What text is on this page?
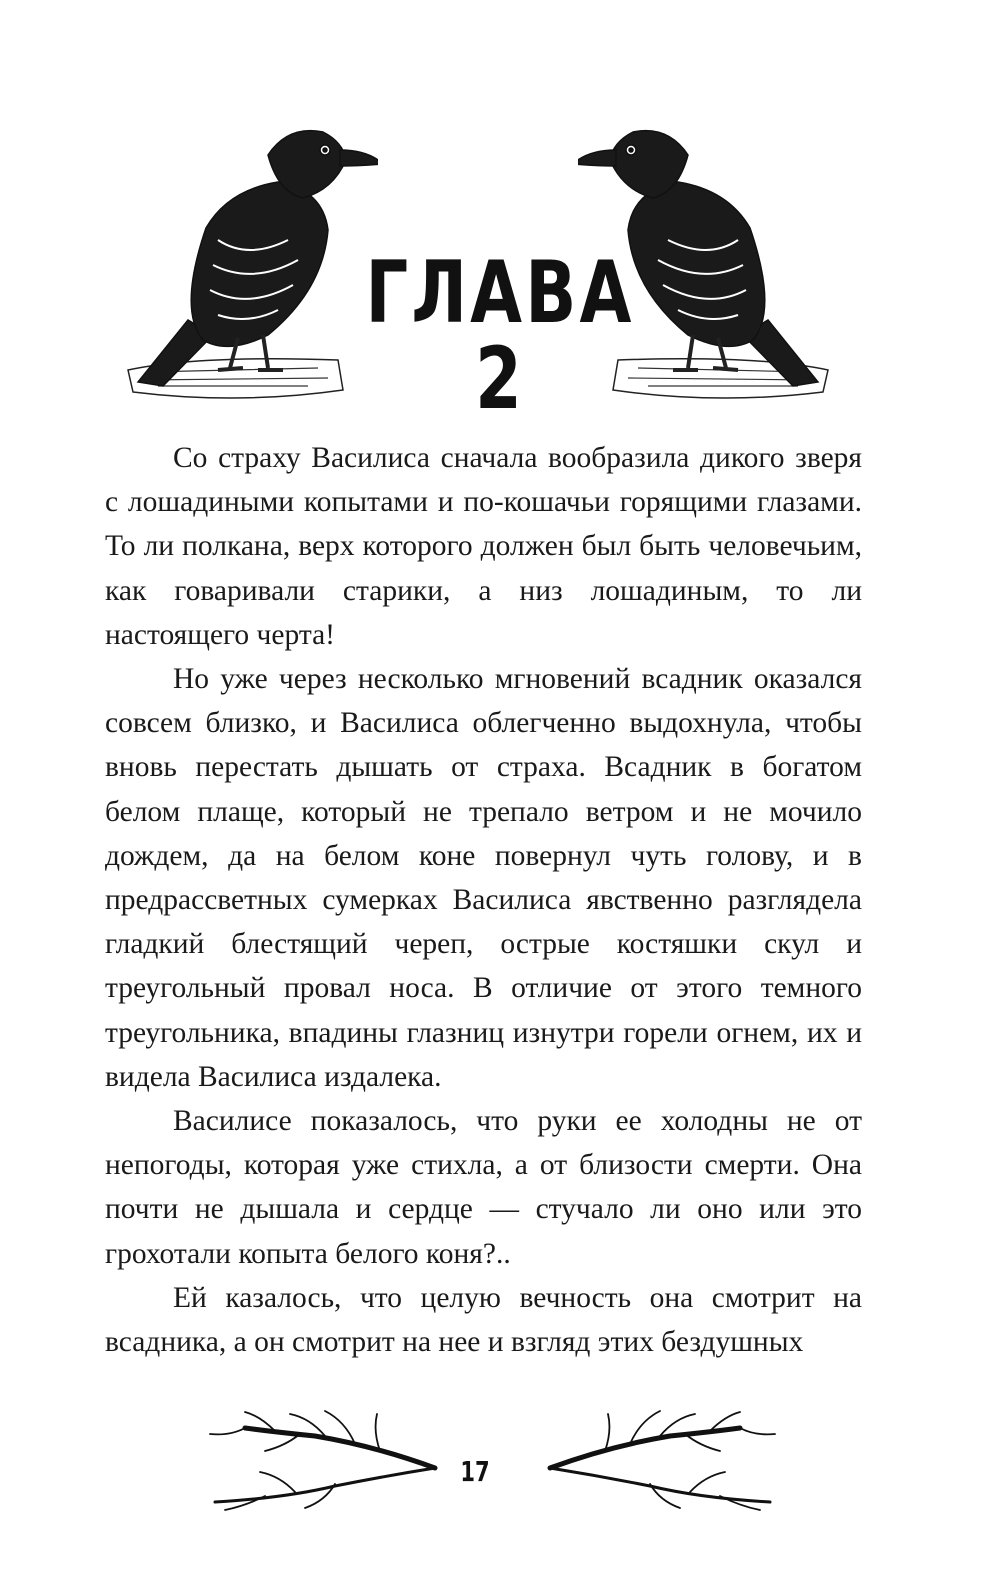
ГЛАВА 2

Со страху Василиса сначала вообразила дикого зверя с лошадиными копытами и по-кошачьи горящими глазами. То ли полкана, верх которого должен был быть человечьим, как говаривали старики, а низ лошадиным, то ли настоящего черта!

Но уже через несколько мгновений всадник оказался совсем близко, и Василиса облегченно выдохнула, чтобы вновь перестать дышать от страха. Всадник в богатом белом плаще, который не трепало ветром и не мочило дождем, да на белом коне повернул чуть голову, и в предрассветных сумерках Василиса явственно разглядела гладкий блестящий череп, острые костяшки скул и треугольный провал носа. В отличие от этого темного треугольника, впадины глазниц изнутри горели огнем, их и видела Василиса издалека.

Василисе показалось, что руки ее холодны не от непогоды, которая уже стихла, а от близости смерти. Она почти не дышала и сердце — стучало ли оно или это грохотали копыта белого коня?..

Ей казалось, что целую вечность она смотрит на всадника, а он смотрит на нее и взгляд этих бездушных

17
